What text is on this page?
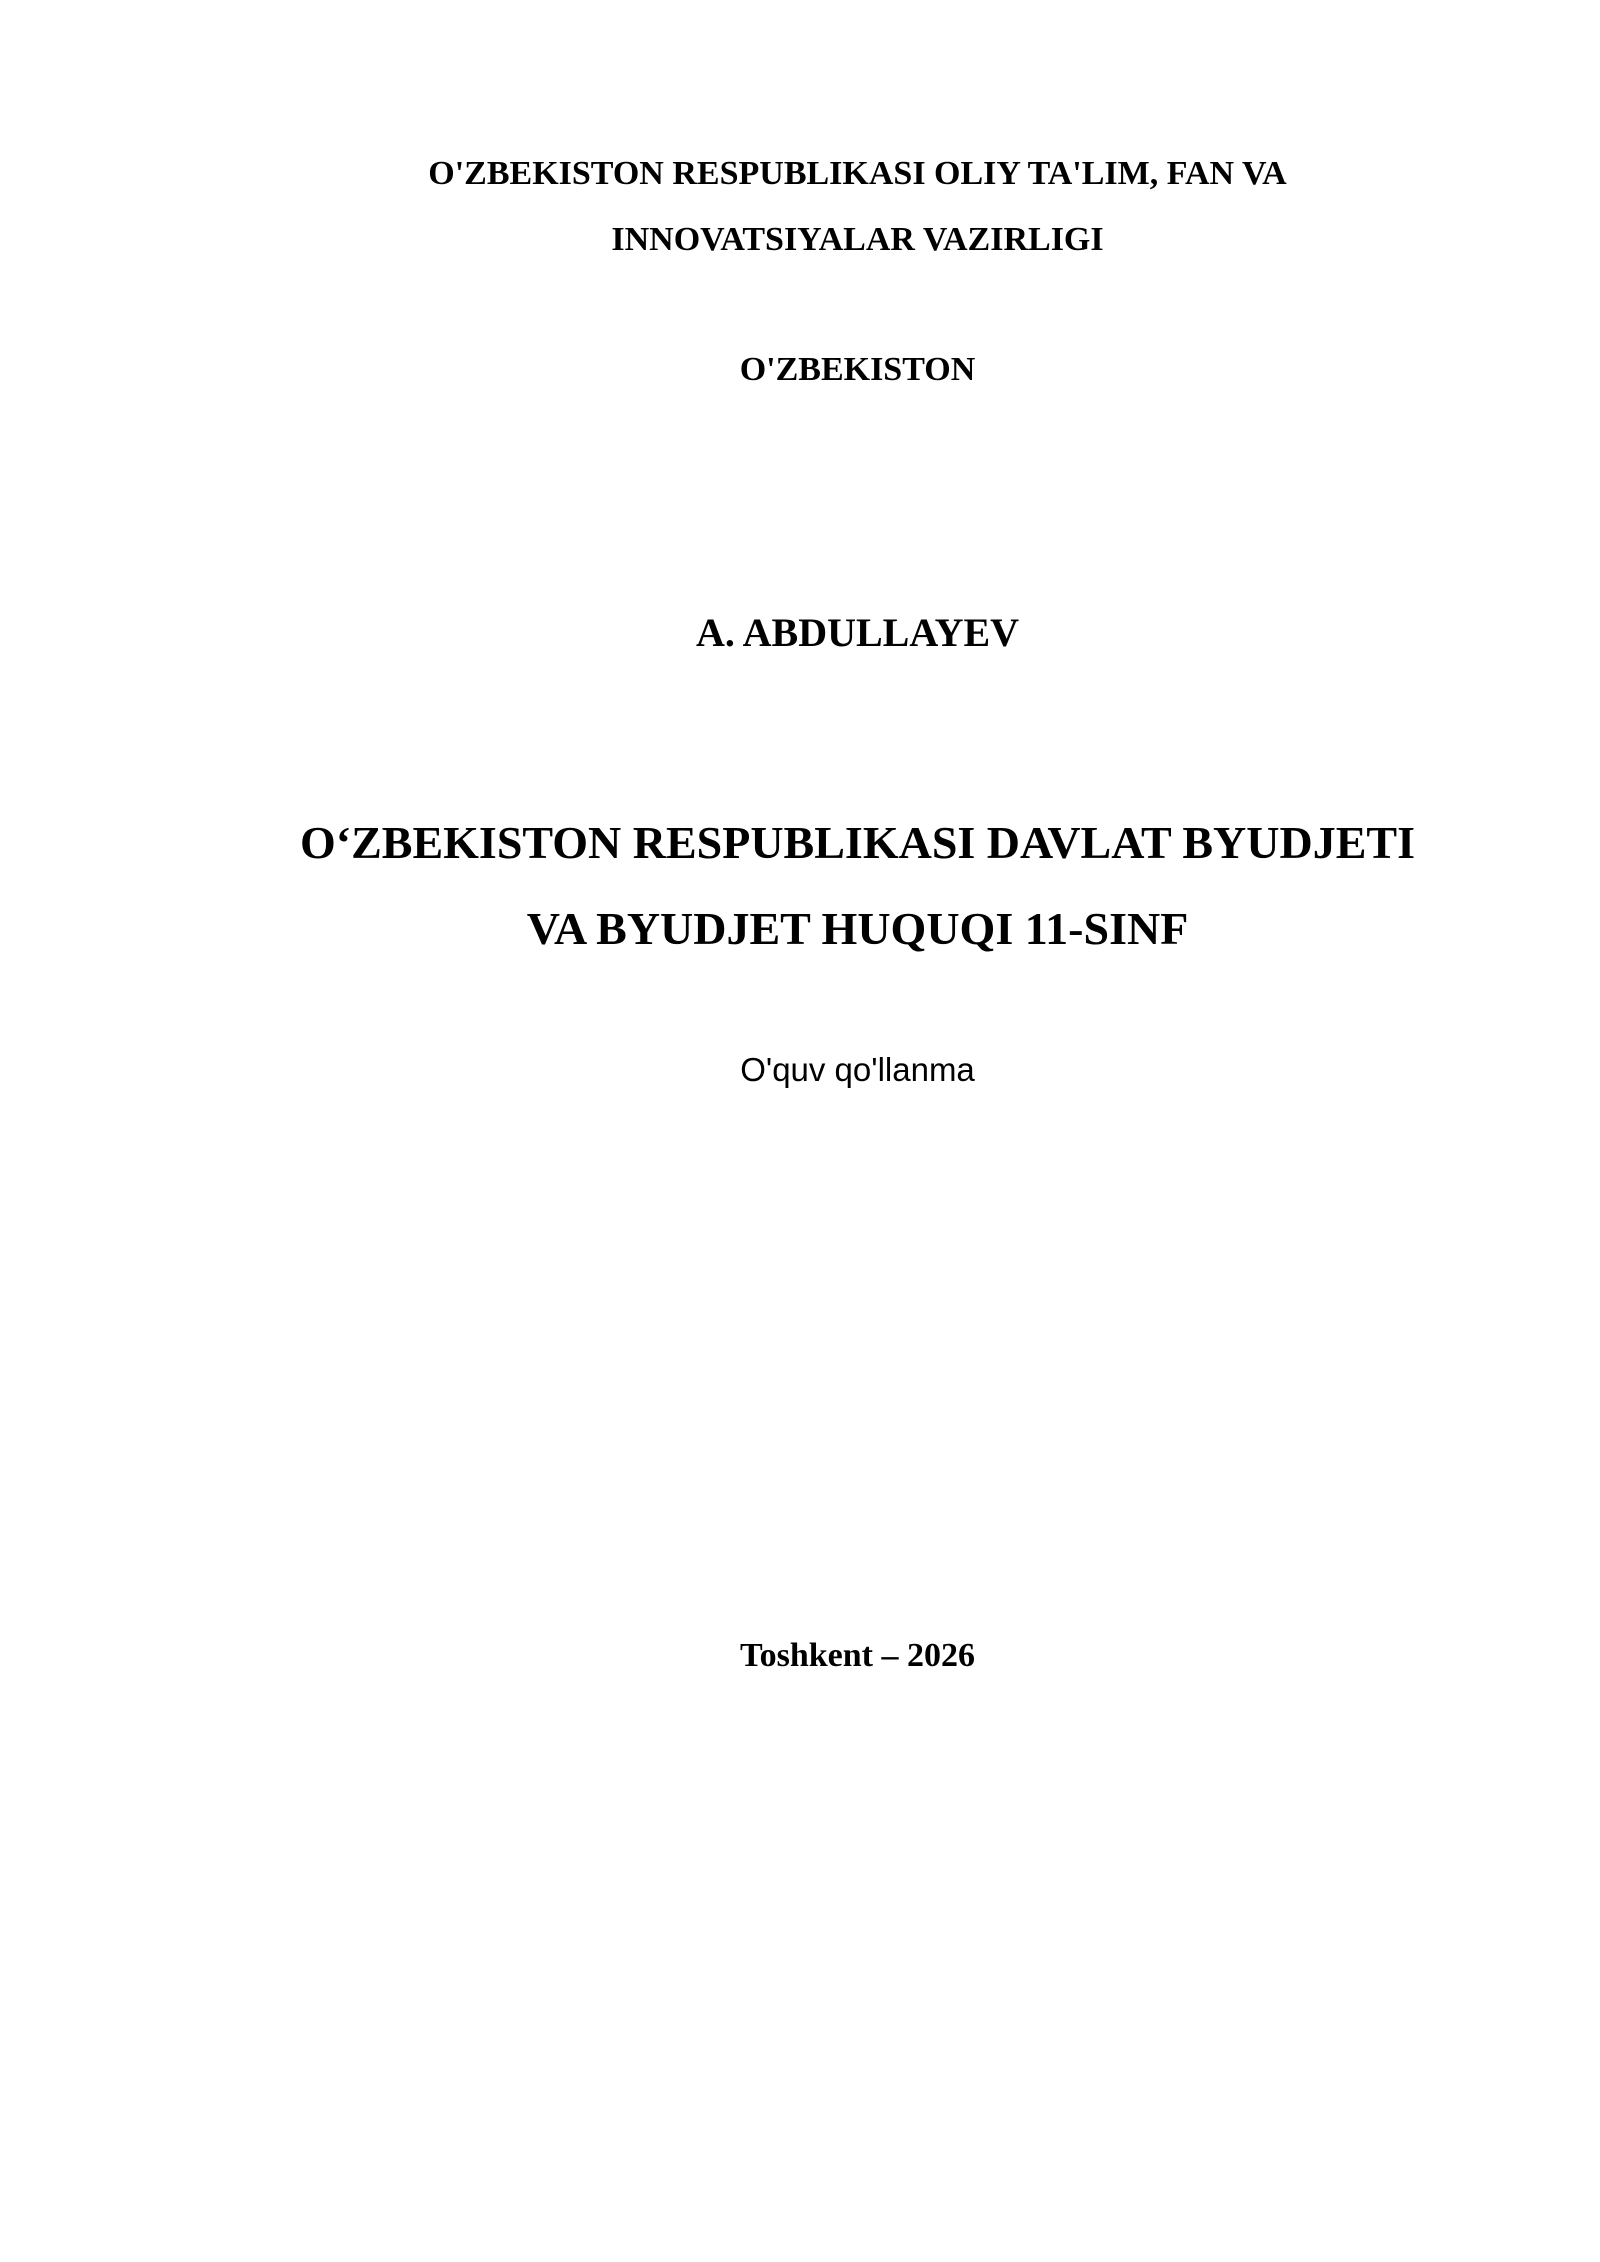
O'ZBEKISTON RESPUBLIKASI OLIY TA'LIM, FAN VA

INNOVATSIYALAR VAZIRLIGI

O'ZBEKISTON

A. ABDULLAYEV

O‘ZBEKISTON RESPUBLIKASI DAVLAT BYUDJETI

VA BYUDJET HUQUQI 11-SINF

O'quv qo'llanma

Toshkent – 2026
